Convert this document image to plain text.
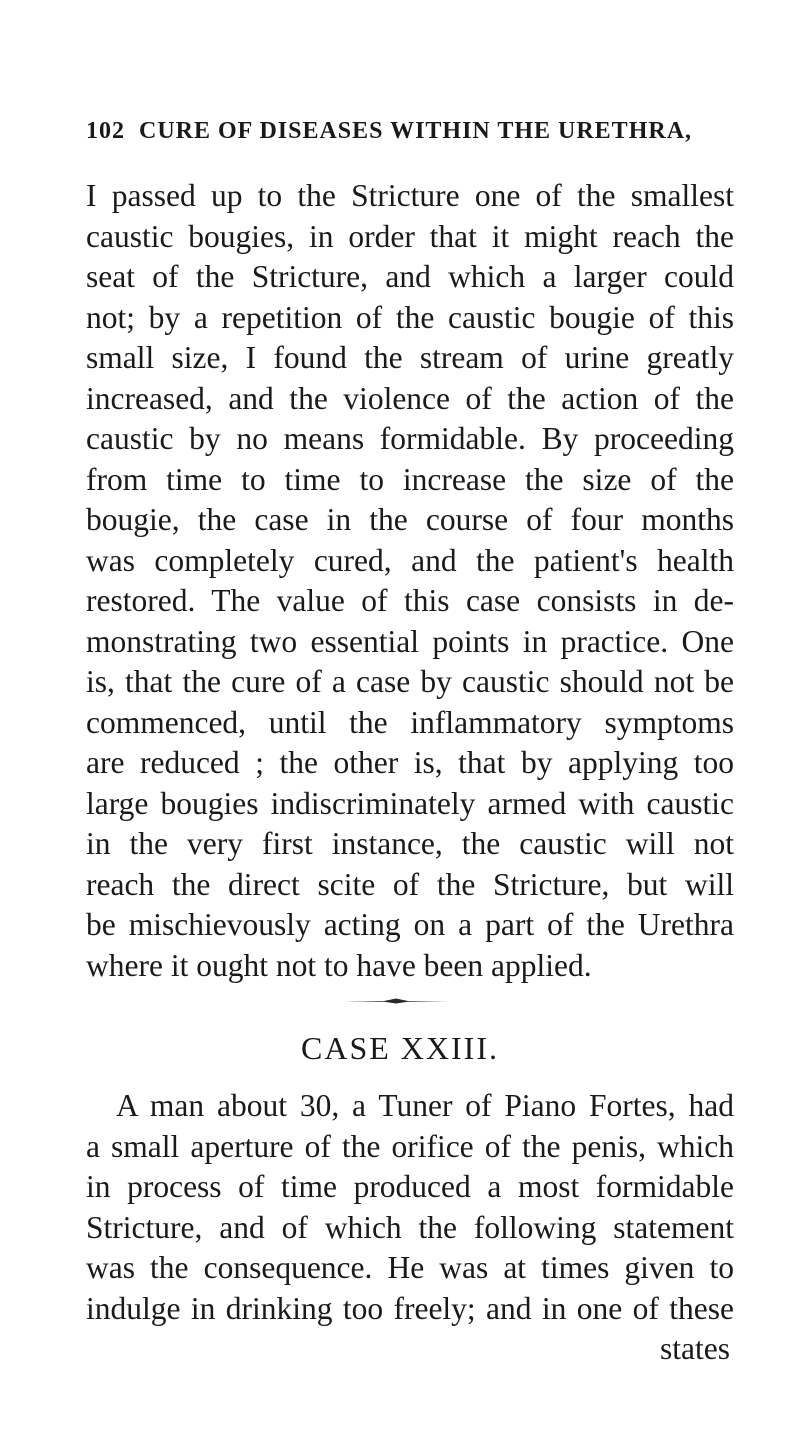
102 CURE OF DISEASES WITHIN THE URETHRA,
I passed up to the Stricture one of the smallest
caustic bougies, in order that it might reach the
seat of the Stricture, and which a larger could
not; by a repetition of the caustic bougie of this
small size, I found the stream of urine greatly
increased, and the violence of the action of the
caustic by no means formidable. By proceeding
from time to time to increase the size of the
bougie, the case in the course of four months
was completely cured, and the patient's health
restored. The value of this case consists in de-
monstrating two essential points in practice. One
is, that the cure of a case by caustic should not be
commenced, until the inflammatory symptoms
are reduced ; the other is, that by applying too
large bougies indiscriminately armed with caustic
in the very first instance, the caustic will not
reach the direct scite of the Stricture, but will
be mischievously acting on a part of the Urethra
where it ought not to have been applied.
CASE XXIII.
A man about 30, a Tuner of Piano Fortes, had
a small aperture of the orifice of the penis, which
in process of time produced a most formidable
Stricture, and of which the following statement
was the consequence. He was at times given to
indulge in drinking too freely; and in one of these
states
